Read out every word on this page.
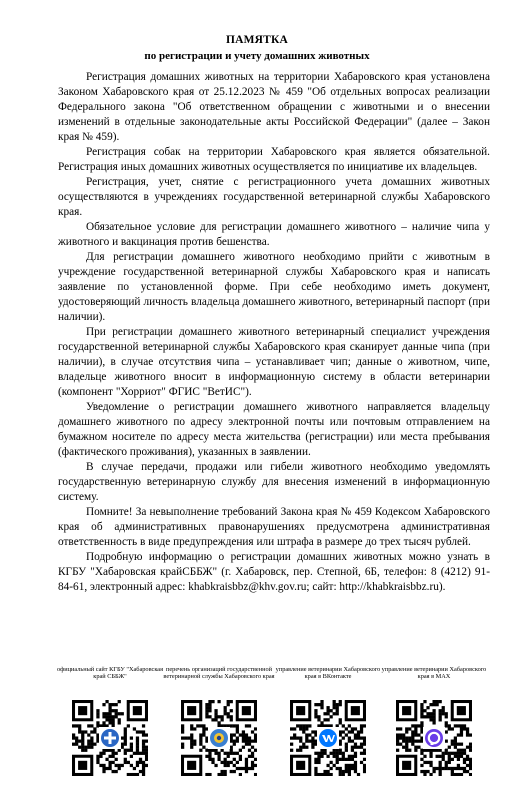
ПАМЯТКА
по регистрации и учету домашних животных

Регистрация домашних животных на территории Хабаровского края установлена Законом Хабаровского края от 25.12.2023 № 459 "Об отдельных вопросах реализации Федерального закона "Об ответственном обращении с животными и о внесении изменений в отдельные законодательные акты Российской Федерации" (далее – Закон края № 459).

Регистрация собак на территории Хабаровского края является обязательной. Регистрация иных домашних животных осуществляется по инициативе их владельцев.

Регистрация, учет, снятие с регистрационного учета домашних животных осуществляются в учреждениях государственной ветеринарной службы Хабаровского края.

Обязательное условие для регистрации домашнего животного – наличие чипа у животного и вакцинация против бешенства.

Для регистрации домашнего животного необходимо прийти с животным в учреждение государственной ветеринарной службы Хабаровского края и написать заявление по установленной форме. При себе необходимо иметь документ, удостоверяющий личность владельца домашнего животного, ветеринарный паспорт (при наличии).

При регистрации домашнего животного ветеринарный специалист учреждения государственной ветеринарной службы Хабаровского края сканирует данные чипа (при наличии), в случае отсутствия чипа – устанавливает чип; данные о животном, чипе, владельце животного вносит в информационную систему в области ветеринарии (компонент "Хорриот" ФГИС "ВетИС").

Уведомление о регистрации домашнего животного направляется владельцу домашнего животного по адресу электронной почты или почтовым отправлением на бумажном носителе по адресу места жительства (регистрации) или места пребывания (фактического проживания), указанных в заявлении.

В случае передачи, продажи или гибели животного необходимо уведомлять государственную ветеринарную службу для внесения изменений в информационную систему.

Помните! За невыполнение требований Закона края № 459 Кодексом Хабаровского края об административных правонарушениях предусмотрена административная ответственность в виде предупреждения или штрафа в размере до трех тысяч рублей.

Подробную информацию о регистрации домашних животных можно узнать в КГБУ "Хабаровская крайСББЖ" (г. Хабаровск, пер. Степной, 6Б, телефон: 8 (4212) 91-84-61, электронный адрес: khabkraisbbz@khv.gov.ru; сайт: http://khabkraisbbz.ru).

официальный сайт КГБУ "Хабаровская край СББЖ"
перечень организаций государственной ветеринарной службы Хабаровского края
управление ветеринарии Хабаровского края в ВКонтакте
управление ветеринарии Хабаровского края в MAX
